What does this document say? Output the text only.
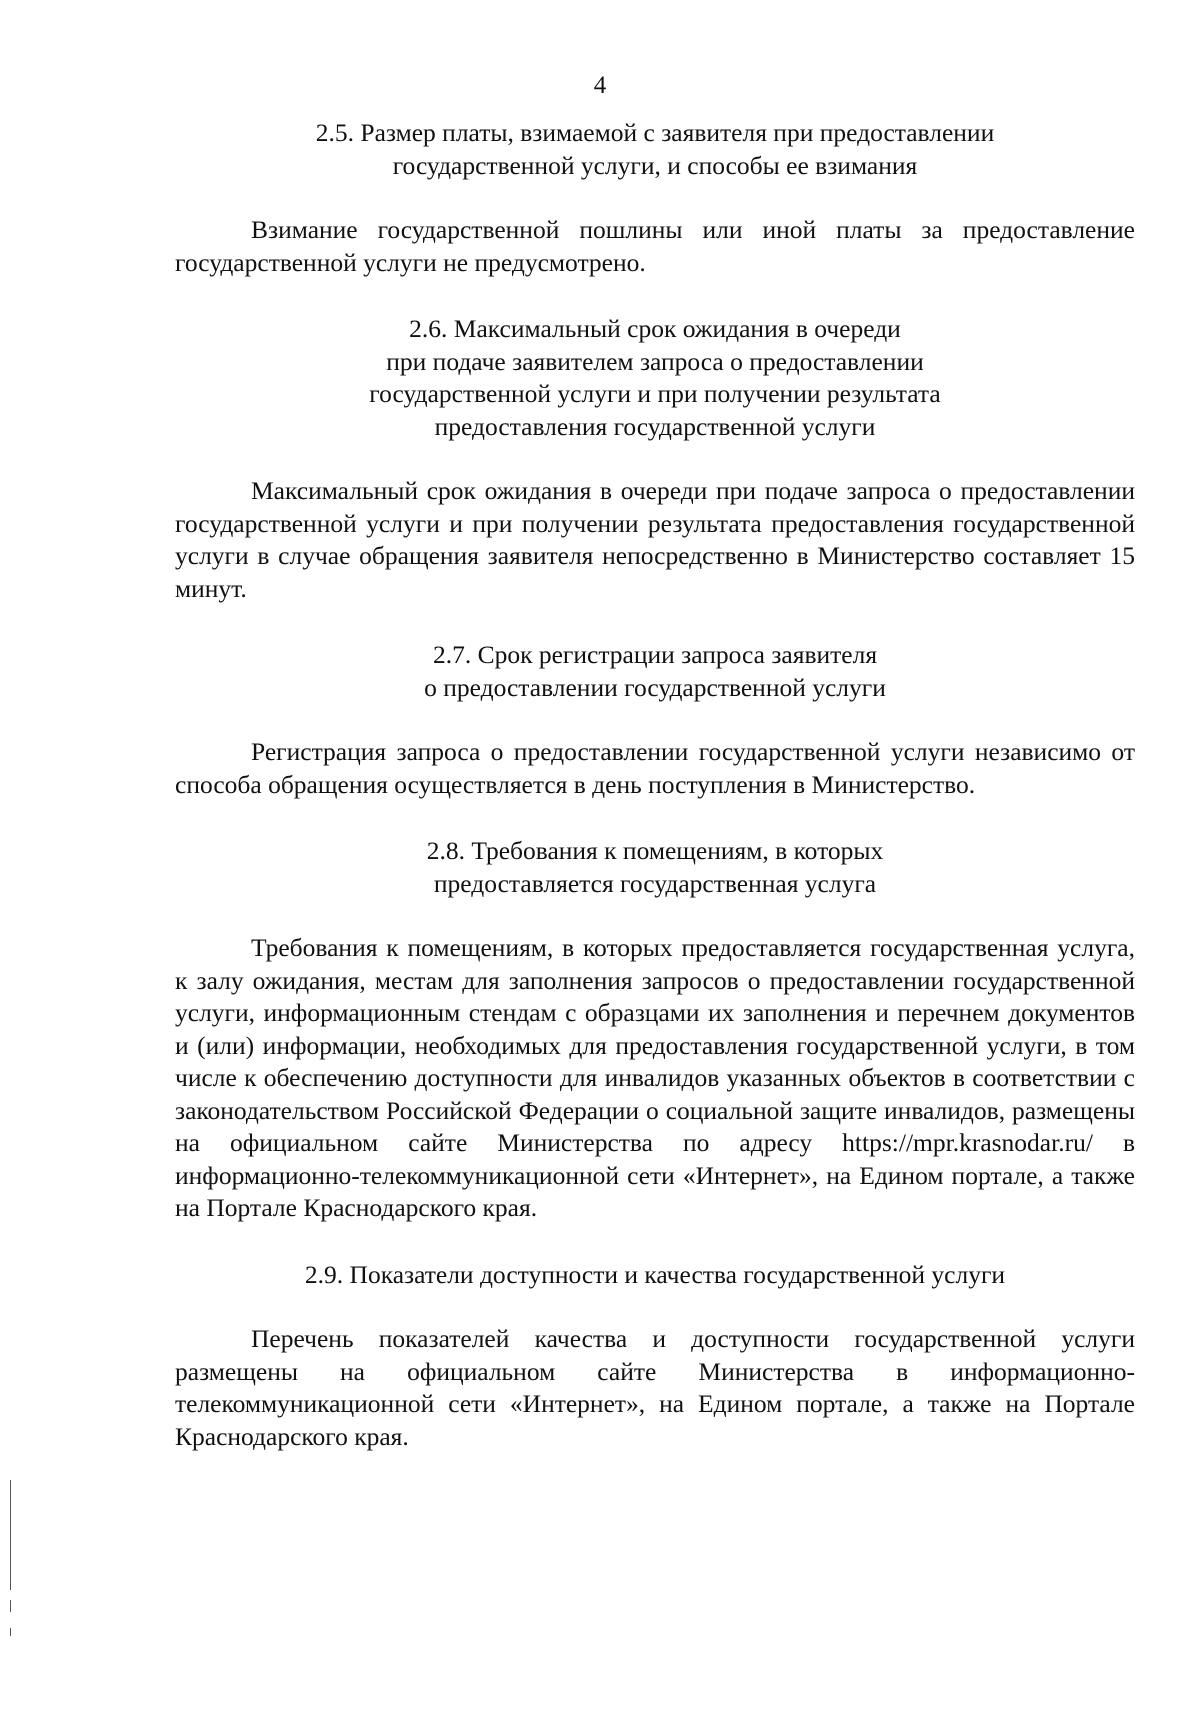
4
2.5. Размер платы, взимаемой с заявителя при предоставлении
государственной услуги, и способы ее взимания

Взимание государственной пошлины или иной платы за предоставление государственной услуги не предусмотрено.

2.6. Максимальный срок ожидания в очереди
при подаче заявителем запроса о предоставлении
государственной услуги и при получении результата
предоставления государственной услуги

Максимальный срок ожидания в очереди при подаче запроса о предоставлении государственной услуги и при получении результата предоставления государственной услуги в случае обращения заявителя непосредственно в Министерство составляет 15 минут.

2.7. Срок регистрации запроса заявителя
о предоставлении государственной услуги

Регистрация запроса о предоставлении государственной услуги независимо от способа обращения осуществляется в день поступления в Министерство.

2.8. Требования к помещениям, в которых
предоставляется государственная услуга

Требования к помещениям, в которых предоставляется государственная услуга, к залу ожидания, местам для заполнения запросов о предоставлении государственной услуги, информационным стендам с образцами их заполнения и перечнем документов и (или) информации, необходимых для предоставления государственной услуги, в том числе к обеспечению доступности для инвалидов указанных объектов в соответствии с законодательством Российской Федерации о социальной защите инвалидов, размещены на официальном сайте Министерства по адресу https://mpr.krasnodar.ru/ в информационно-телекоммуникационной сети «Интернет», на Едином портале, а также на Портале Краснодарского края.

2.9. Показатели доступности и качества государственной услуги

Перечень показателей качества и доступности государственной услуги размещены на официальном сайте Министерства в информационно-телекоммуникационной сети «Интернет», на Едином портале, а также на Портале Краснодарского края.
